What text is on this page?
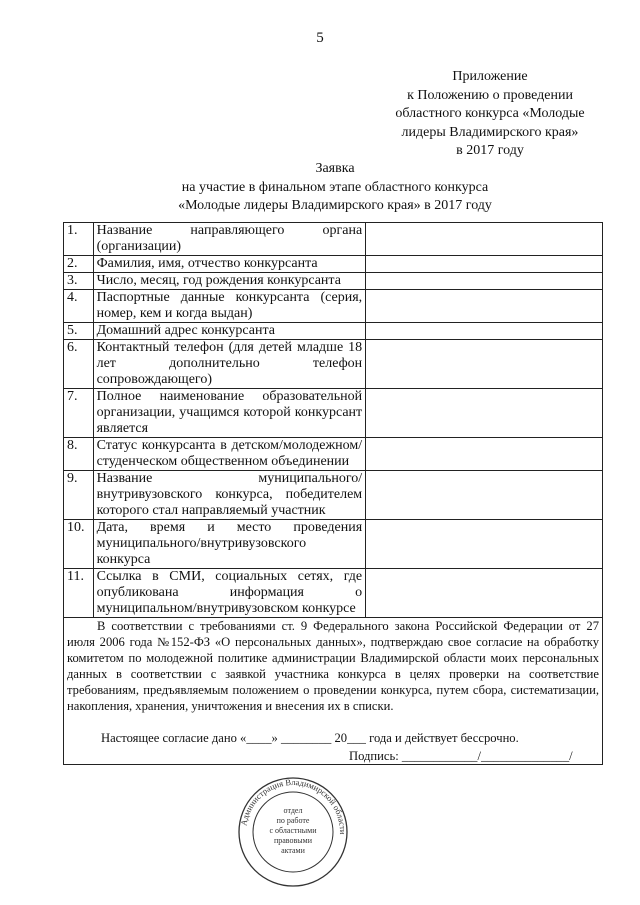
5
Приложение
к Положению о проведении
областного конкурса «Молодые
лидеры Владимирского края»
в 2017 году
Заявка
на участие в финальном этапе областного конкурса
«Молодые лидеры Владимирского края» в 2017 году
1.	Название направляющего органа (организации)	
2.	Фамилия, имя, отчество конкурсанта	
3.	Число, месяц, год рождения конкурсанта	
4.	Паспортные данные конкурсанта (серия, номер, кем и когда выдан)	
5.	Домашний адрес конкурсанта	
6.	Контактный телефон (для детей младше 18 лет дополнительно телефон сопровождающего)	
7.	Полное наименование образовательной организации, учащимся которой конкурсант является	
8.	Статус конкурсанта в детском/молодежном/студенческом общественном объединении	
9.	Название муниципального/внутривузовского конкурса, победителем которого стал направляемый участник	
10.	Дата, время и место проведения муниципального/внутривузовского конкурса	
11.	Ссылка в СМИ, социальных сетях, где опубликована информация о муниципальном/внутривузовском конкурсе	

В соответствии с требованиями ст. 9 Федерального закона Российской Федерации от 27 июля 2006 года №152-ФЗ «О персональных данных», подтверждаю свое согласие на обработку комитетом по молодежной политике администрации Владимирской области моих персональных данных в соответствии с заявкой участника конкурса в целях проверки на соответствие требованиям, предъявляемым положением о проведении конкурса, путем сбора, систематизации, накопления, хранения, уничтожения и внесения их в списки.
Настоящее согласие дано «____» ________ 20___ года и действует бессрочно.
Подпись: ____________/______________/		
Администрация Владимирской области
отдел
по работе
с областными
правовыми
актами
